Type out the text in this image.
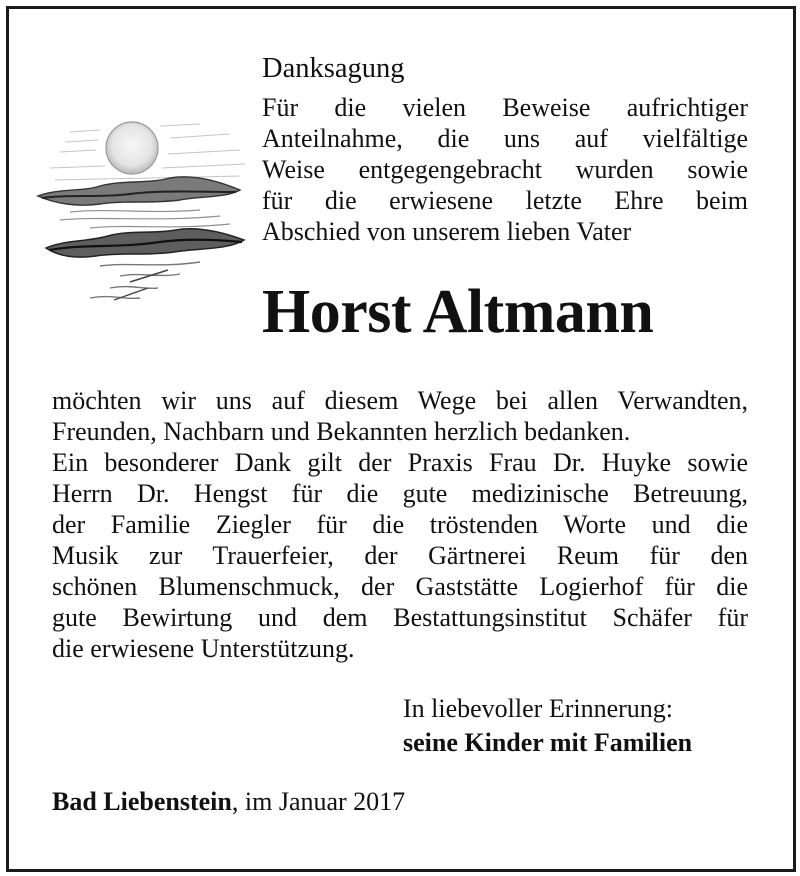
Danksagung
Für die vielen Beweise aufrichtiger
Anteilnahme, die uns auf vielfältige
Weise entgegengebracht wurden sowie
für die erwiesene letzte Ehre beim
Abschied von unserem lieben Vater
Horst Altmann
möchten wir uns auf diesem Wege bei allen Verwandten,
Freunden, Nachbarn und Bekannten herzlich bedanken.
Ein besonderer Dank gilt der Praxis Frau Dr. Huyke sowie
Herrn Dr. Hengst für die gute medizinische Betreuung,
der Familie Ziegler für die tröstenden Worte und die
Musik zur Trauerfeier, der Gärtnerei Reum für den
schönen Blumenschmuck, der Gaststätte Logierhof für die
gute Bewirtung und dem Bestattungsinstitut Schäfer für
die erwiesene Unterstützung.
In liebevoller Erinnerung:
seine Kinder mit Familien

Bad Liebenstein, im Januar 2017
